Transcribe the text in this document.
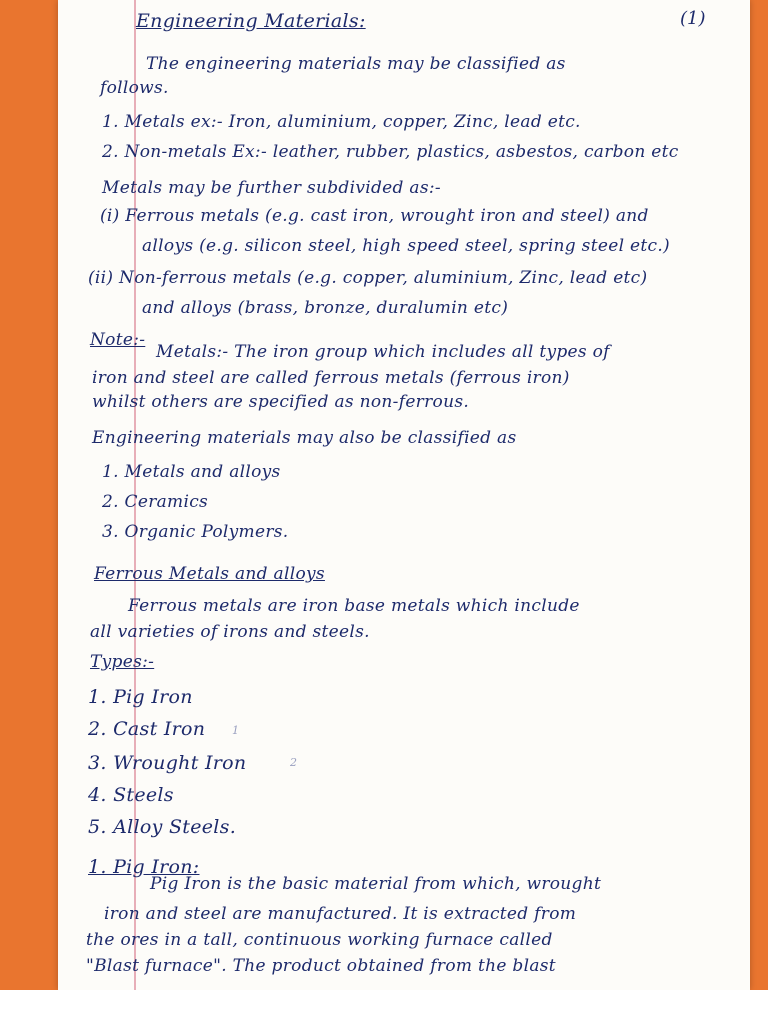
(1)
Engineering Materials:
The engineering materials may be classified as
follows.
1. Metals ex:- Iron, aluminium, copper, Zinc, lead etc.
2. Non-metals Ex:- leather, rubber, plastics, asbestos, carbon etc
Metals may be further subdivided as:-
(i) Ferrous metals (e.g. cast iron, wrought iron and steel) and
alloys (e.g. silicon steel, high speed steel, spring steel etc.)
(ii) Non-ferrous metals (e.g. copper, aluminium, Zinc, lead etc)
and alloys (brass, bronze, duralumin etc)
Note:-
Metals:- The iron group which includes all types of
iron and steel are called ferrous metals (ferrous iron)
whilst others are specified as non-ferrous.
Engineering materials may also be classified as
1. Metals and alloys
2. Ceramics
3. Organic Polymers.
Ferrous Metals and alloys
Ferrous metals are iron base metals which include
all varieties of irons and steels.
Types:-
1. Pig Iron
2. Cast Iron
3. Wrought Iron
4. Steels
5. Alloy Steels.
1
2
1. Pig Iron:
Pig Iron is the basic material from which, wrought
iron and steel are manufactured. It is extracted from
the ores in a tall, continuous working furnace called
"Blast furnace". The product obtained from the blast
